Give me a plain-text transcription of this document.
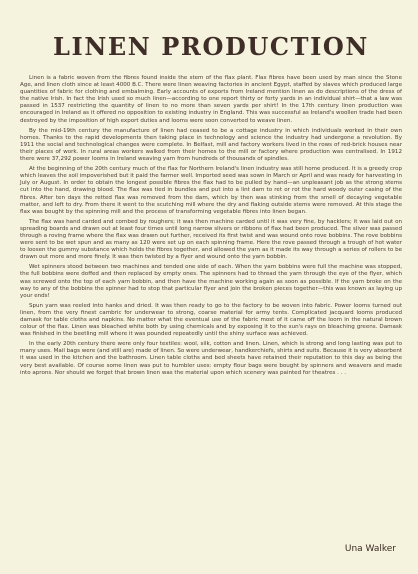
LINEN PRODUCTION

Linen is a fabric woven from the fibres found inside the stem of the flax plant. Flax fibres have been used by man since the Stone Age, and linen cloth since at least 4000 B.C. There were linen weaving factories in ancient Egypt, staffed by slaves which produced large quantities of fabric for clothing and embalming. Early accounts of exports from Ireland mention linen as do descriptions of the dress of the native Irish. In fact the Irish used so much linen—according to one report thirty or forty yards in an individual shirt—that a law was passed in 1537 restricting the quantity of linen to no more than seven yards per shirt! In the 17th century linen production was encouraged in Ireland as it offered no opposition to existing industry in England. This was successful as Ireland's woollen trade had been destroyed by the imposition of high export duties and looms were soon converted to weave linen.

By the mid-19th century the manufacture of linen had ceased to be a cottage industry in which individuals worked in their own homes. Thanks to the rapid developments then taking place in technology and science the industry had undergone a revolution. By 1911 the social and technological changes were complete. In Belfast, mill and factory workers lived in the rows of red-brick houses near their places of work. In rural areas workers walked from their homes to the mill or factory where production was centralised. In 1912 there were 37,292 power looms in Ireland weaving yarn from hundreds of thousands of spindles.

At the beginning of the 20th century much of the flax for Northern Ireland's linen industry was still home produced. It is a greedy crop which leaves the soil impoverished but it paid the farmer well. Imported seed was sown in March or April and was ready for harvesting in July or August. In order to obtain the longest possible fibres the flax had to be pulled by hand—an unpleasant job as the strong stems cut into the hand, drawing blood. The flax was tied in bundles and put into a lint dam to ret or rot the hard woody outer casing of the fibres. After ten days the retted flax was removed from the dam, which by then was stinking from the smell of decaying vegetable matter, and left to dry. From there it went to the scutching mill where the dry and flaking outside stems were removed. At this stage the flax was bought by the spinning mill and the process of transforming vegetable fibres into linen began.

The flax was hand carded and combed by roughers; it was then machine carded until it was very fine, by hacklers; it was laid out on spreading boards and drawn out at least four times until long narrow slivers or ribbons of flax had been produced. The sliver was passed through a roving frame where the flax was drawn out further, received its first twist and was wound onto rove bobbins. The rove bobbins were sent to be wet spun and as many as 120 were set up on each spinning frame. Here the rove passed through a trough of hot water to loosen the gummy substance which holds the fibres together, and allowed the yarn as it made its way through a series of rollers to be drawn out more and more finely. It was then twisted by a flyer and wound onto the yarn bobbin.

Wet spinners stood between two machines and tended one side of each. When the yarn bobbins were full the machine was stopped, the full bobbins were doffed and then replaced by empty ones. The spinners had to thread the yarn through the eye of the flyer, which was screwed onto the top of each yarn bobbin, and then have the machine working again as soon as possible. If the yarn broke on the way to any of the bobbins the spinner had to stop that particular flyer and join the broken pieces together—this was known as laying up your ends!

Spun yarn was reeled into hanks and dried. It was then ready to go to the factory to be woven into fabric. Power looms turned out linen, from the very finest cambric for underwear to strong, coarse material for army tents. Complicated jacquard looms produced damask for table cloths and napkins. No matter what the eventual use of the fabric most of it came off the loom in the natural brown colour of the flax. Linen was bleached white both by using chemicals and by exposing it to the sun's rays on bleaching greens. Damask was finished in the beetling mill where it was pounded repeatedly until the shiny surface was achieved.

In the early 20th century there were only four textiles: wool, silk, cotton and linen. Linen, which is strong and long lasting was put to many uses. Mail bags were (and still are) made of linen. So were underwear, handkerchiefs, shirts and suits. Because it is very absorbent it was used in the kitchen and the bathroom. Linen table cloths and bed sheets have retained their reputation to this day as being the very best available. Of course some linen was put to humbler uses: empty flour bags were bought by spinners and weavers and made into aprons. Nor should we forget that brown linen was the material upon which scenery was painted for theatres . . .

Una Walker
